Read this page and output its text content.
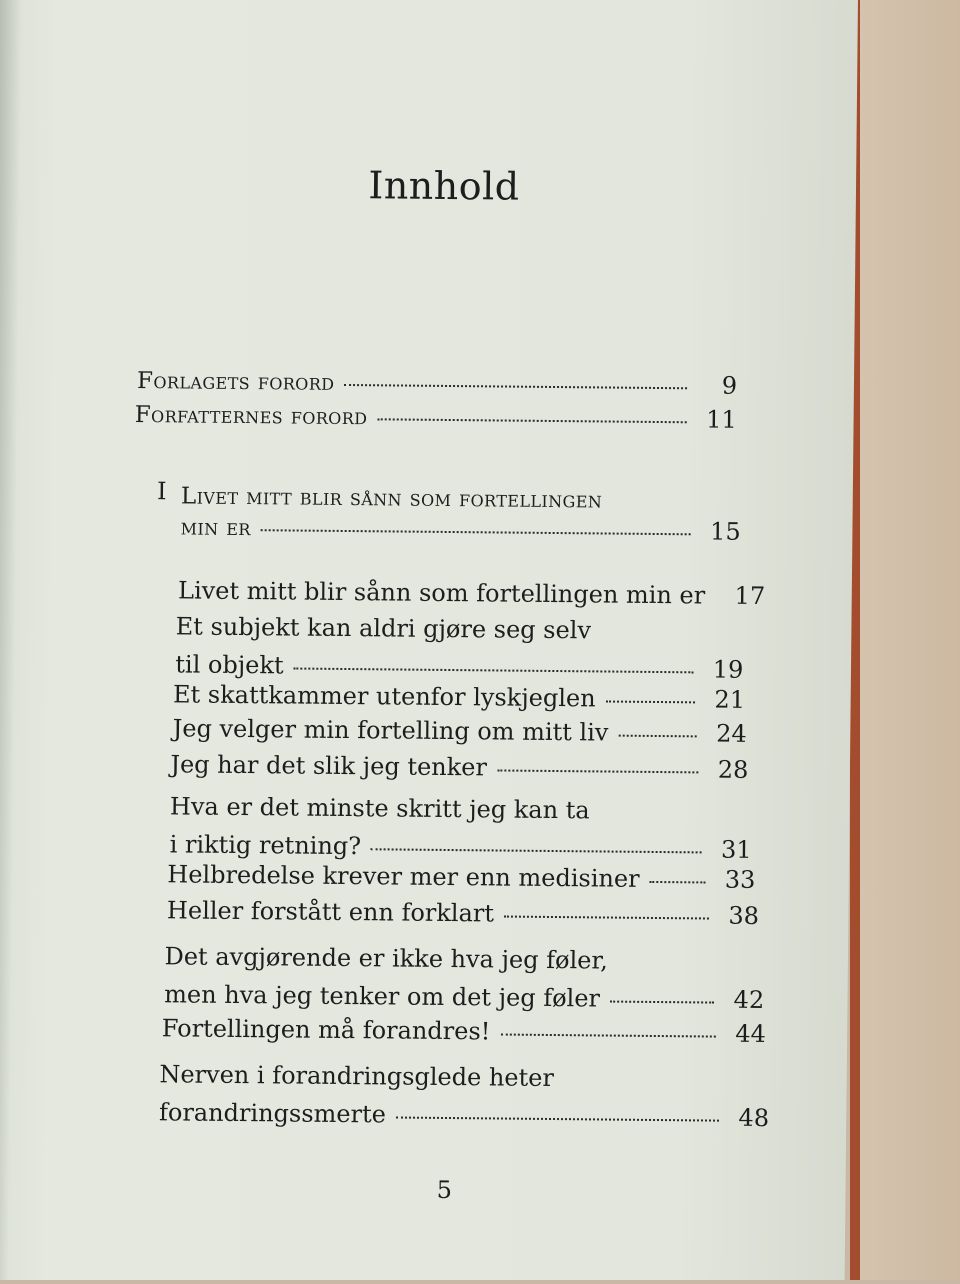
Innhold
Forlagets forord	9
Forfatternes forord	11
I Livet mitt blir sånn som fortellingen
min er	15
Livet mitt blir sånn som fortellingen min er	17
Et subjekt kan aldri gjøre seg selv
til objekt	19
Et skattkammer utenfor lyskjeglen	21
Jeg velger min fortelling om mitt liv	24
Jeg har det slik jeg tenker	28
Hva er det minste skritt jeg kan ta
i riktig retning?	31
Helbredelse krever mer enn medisiner	33
Heller forstått enn forklart	38
Det avgjørende er ikke hva jeg føler,
men hva jeg tenker om det jeg føler	42
Fortellingen må forandres!	44
Nerven i forandringsglede heter
forandringssmerte	48
5
